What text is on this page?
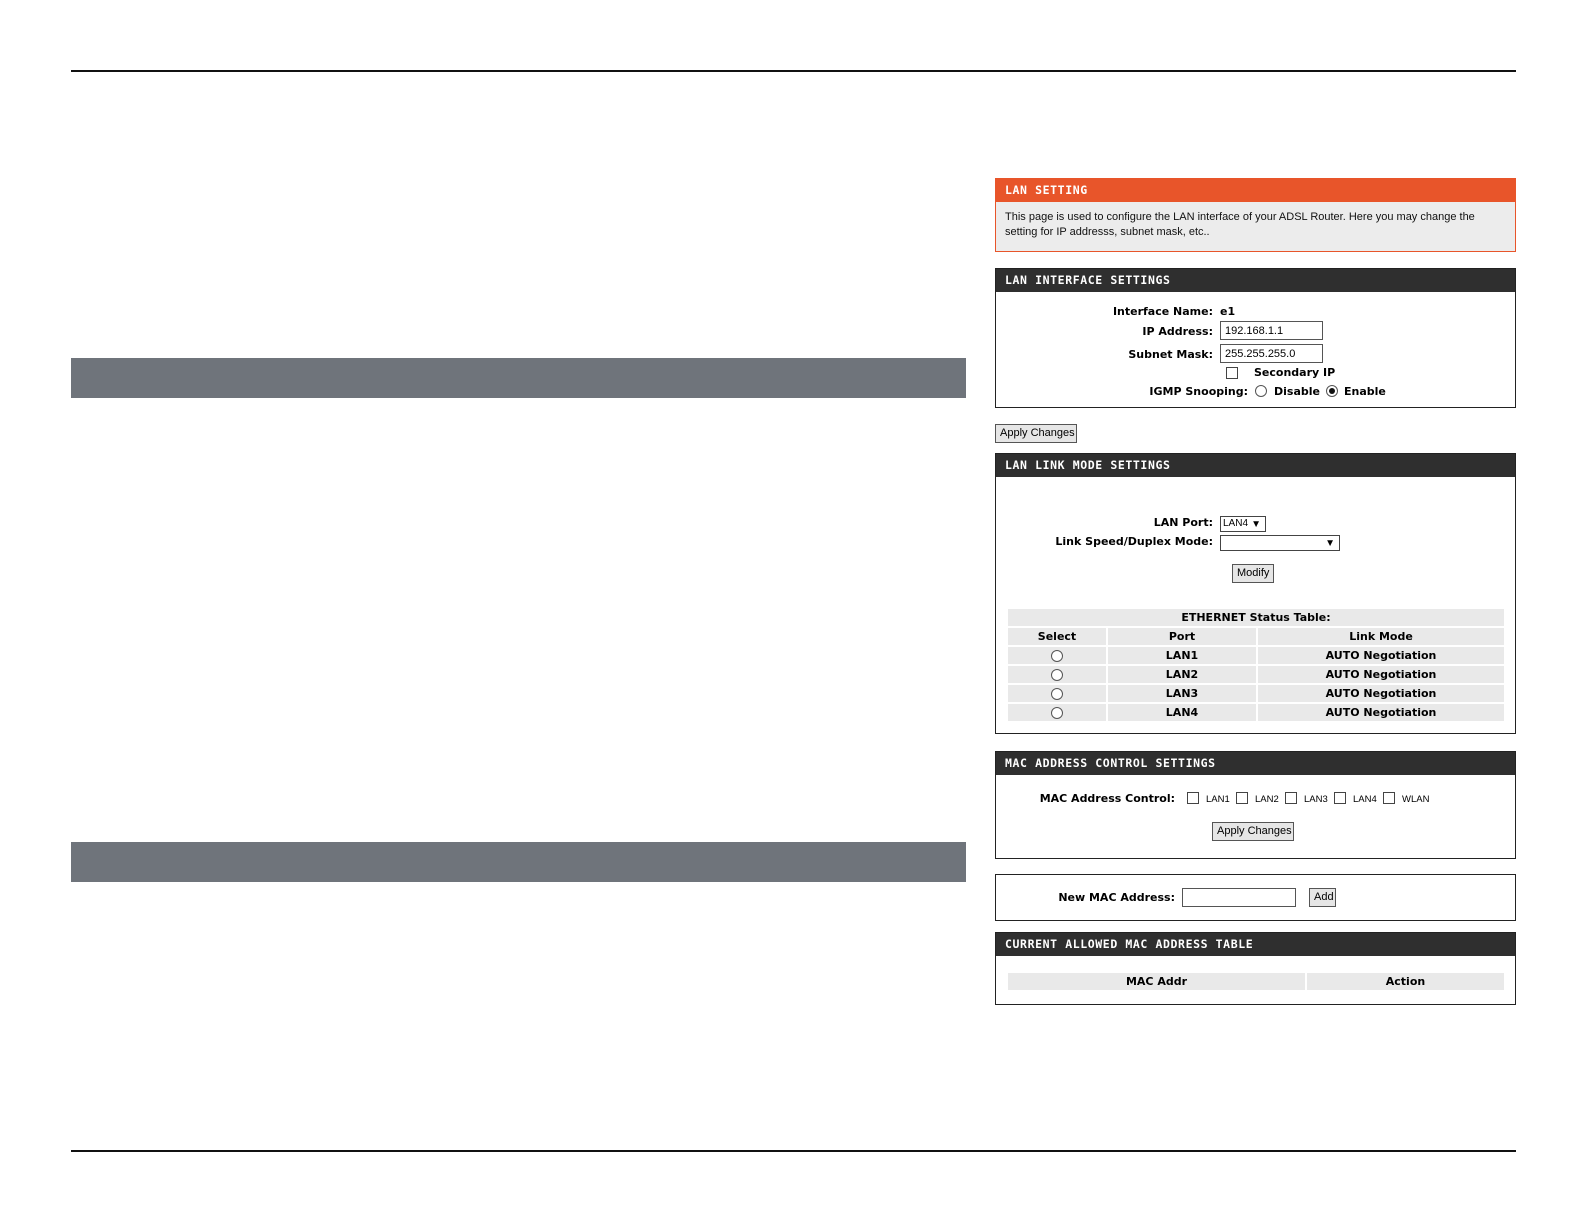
LAN SETTING
This page is used to configure the LAN interface of your ADSL Router. Here you may change the setting for IP addresss, subnet mask, etc..
LAN INTERFACE SETTINGS
Interface Name: e1
IP Address:
192.168.1.1
Subnet Mask:
255.255.255.0
Secondary IP
IGMP Snooping: Disable Enable
Apply Changes
LAN LINK MODE SETTINGS
LAN Port:	LAN4 ▼
Link Speed/Duplex Mode:	▼
Modify
ETHERNET Status Table:		
Select	Port	Link Mode
	LAN1	AUTO Negotiation
	LAN2	AUTO Negotiation
	LAN3	AUTO Negotiation
	LAN4	AUTO Negotiation
MAC ADDRESS CONTROL SETTINGS
MAC Address Control:	LAN1	LAN2	LAN3	LAN4	WLAN
Apply Changes
New MAC Address:	Add
CURRENT ALLOWED MAC ADDRESS TABLE
MAC Addr	Action
